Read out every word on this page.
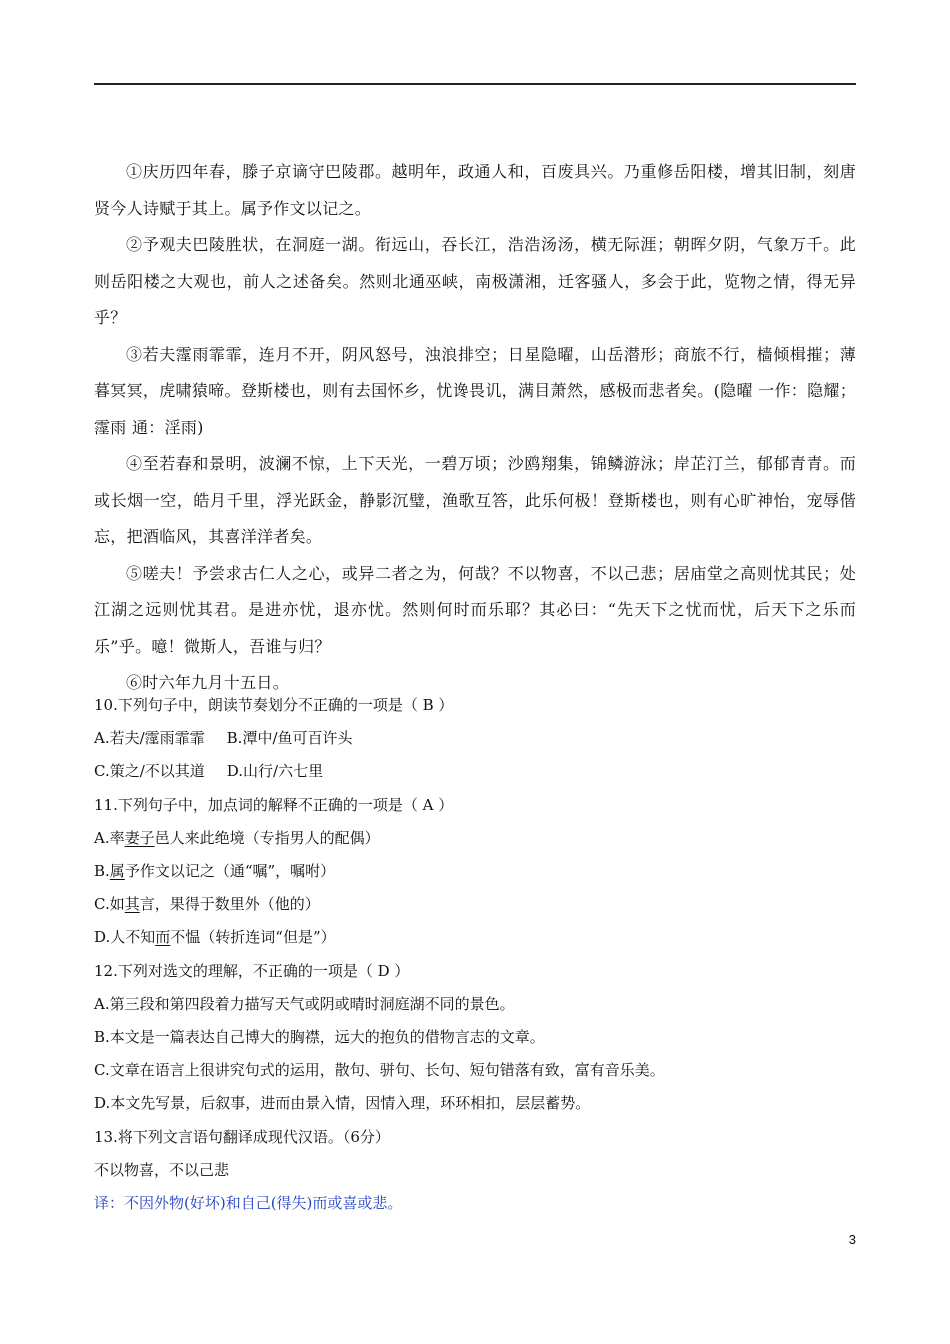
①庆历四年春，滕子京谪守巴陵郡。越明年，政通人和，百废具兴。乃重修岳阳楼，增其旧制，刻唐贤今人诗赋于其上。属予作文以记之。

②予观夫巴陵胜状，在洞庭一湖。衔远山，吞长江，浩浩汤汤，横无际涯；朝晖夕阴，气象万千。此则岳阳楼之大观也，前人之述备矣。然则北通巫峡，南极潇湘，迁客骚人，多会于此，览物之情，得无异乎？

③若夫霪雨霏霏，连月不开，阴风怒号，浊浪排空；日星隐曜，山岳潜形；商旅不行，樯倾楫摧；薄暮冥冥，虎啸猿啼。登斯楼也，则有去国怀乡，忧谗畏讥，满目萧然，感极而悲者矣。(隐曜 一作：隐耀；霪雨 通：淫雨)

④至若春和景明，波澜不惊，上下天光，一碧万顷；沙鸥翔集，锦鳞游泳；岸芷汀兰，郁郁青青。而或长烟一空，皓月千里，浮光跃金，静影沉璧，渔歌互答，此乐何极！登斯楼也，则有心旷神怡，宠辱偕忘，把酒临风，其喜洋洋者矣。

⑤嗟夫！予尝求古仁人之心，或异二者之为，何哉？不以物喜，不以己悲；居庙堂之高则忧其民；处江湖之远则忧其君。是进亦忧，退亦忧。然则何时而乐耶？其必曰：“先天下之忧而忧，后天下之乐而乐”乎。噫！微斯人，吾谁与归？

⑥时六年九月十五日。

10.下列句子中，朗读节奏划分不正确的一项是（ B ）
A.若夫/霪雨霏霏 B.潭中/鱼可百许头
C.策之/不以其道 D.山行/六七里
11.下列句子中，加点词的解释不正确的一项是（ A ）
A.率妻子邑人来此绝境（专指男人的配偶）
B.属予作文以记之（通“嘱”，嘱咐）
C.如其言，果得于数里外（他的）
D.人不知而不愠（转折连词“但是”）
12.下列对选文的理解，不正确的一项是（ D ）
A.第三段和第四段着力描写天气或阴或晴时洞庭湖不同的景色。
B.本文是一篇表达自己博大的胸襟，远大的抱负的借物言志的文章。
C.文章在语言上很讲究句式的运用，散句、骈句、长句、短句错落有致，富有音乐美。
D.本文先写景，后叙事，进而由景入情，因情入理，环环相扣，层层蓄势。
13.将下列文言语句翻译成现代汉语。（6分）
不以物喜，不以己悲
译：不因外物(好坏)和自己(得失)而或喜或悲。
3
